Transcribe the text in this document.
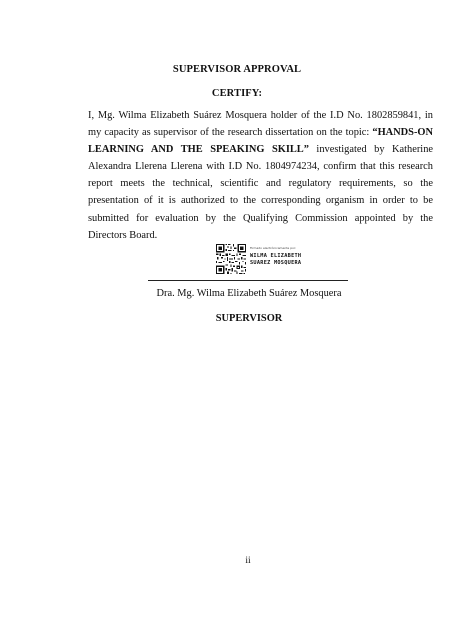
SUPERVISOR APPROVAL
CERTIFY:
I, Mg. Wilma Elizabeth Suárez Mosquera holder of the I.D No. 1802859841, in my capacity as supervisor of the research dissertation on the topic: “HANDS-ON LEARNING AND THE SPEAKING SKILL” investigated by Katherine Alexandra Llerena Llerena with I.D No. 1804974234, confirm that this research report meets the technical, scientific and regulatory requirements, so the presentation of it is authorized to the corresponding organism in order to be submitted for evaluation by the Qualifying Commission appointed by the Directors Board.
Firmado electrónicamente por:
WILMA ELIZABETH
SUAREZ MOSQUERA
Dra. Mg. Wilma Elizabeth Suárez Mosquera
SUPERVISOR
ii
